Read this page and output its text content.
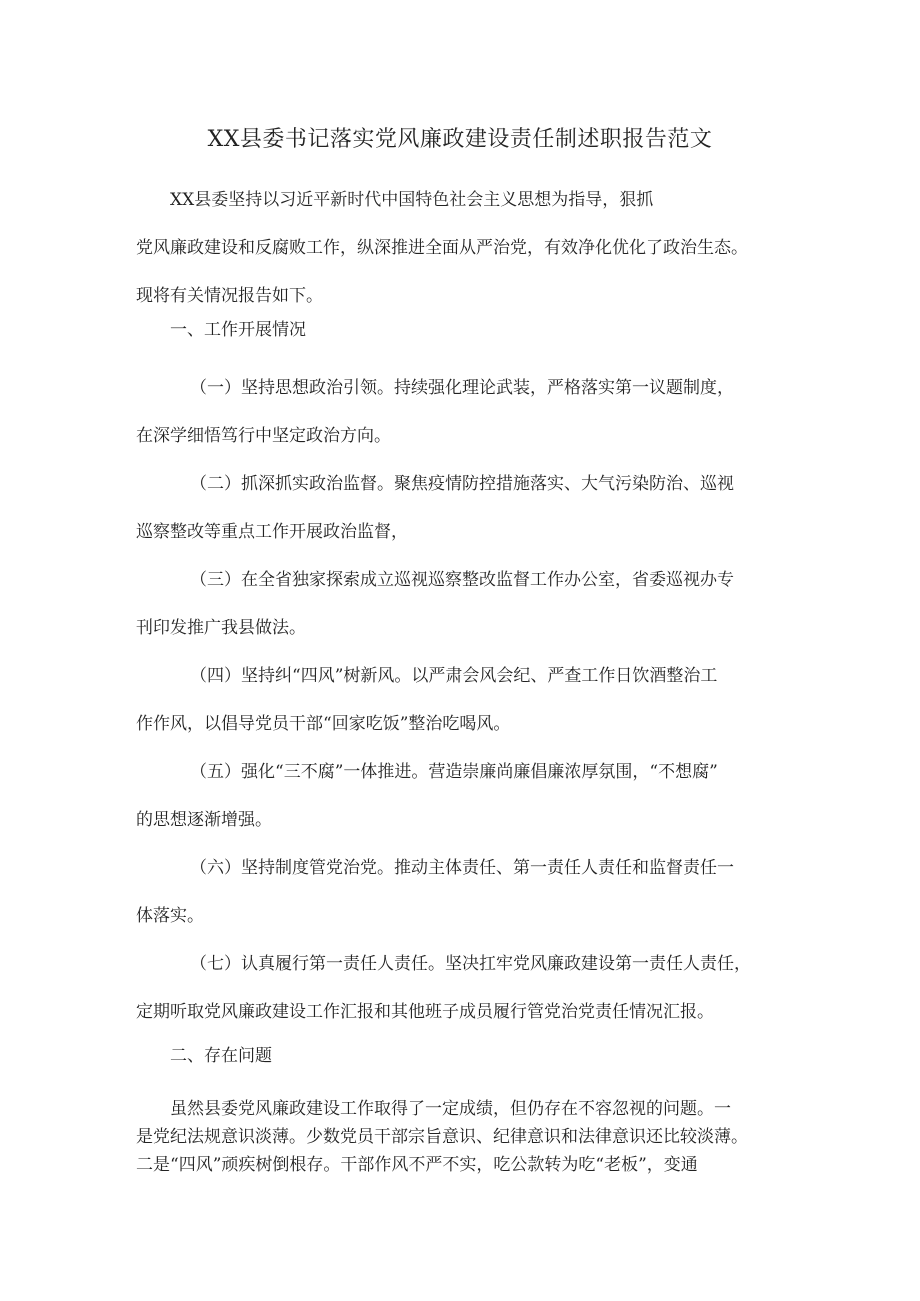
XX县委书记落实党风廉政建设责任制述职报告范文
XX县委坚持以习近平新时代中国特色社会主义思想为指导，狠抓
党风廉政建设和反腐败工作，纵深推进全面从严治党，有效净化优化了政治生态。
现将有关情况报告如下。
一、工作开展情况
（一）坚持思想政治引领。持续强化理论武装，严格落实第一议题制度，
在深学细悟笃行中坚定政治方向。
（二）抓深抓实政治监督。聚焦疫情防控措施落实、大气污染防治、巡视
巡察整改等重点工作开展政治监督，
（三）在全省独家探索成立巡视巡察整改监督工作办公室，省委巡视办专
刊印发推广我县做法。
（四）坚持纠“四风”树新风。以严肃会风会纪、严查工作日饮酒整治工
作作风，以倡导党员干部“回家吃饭”整治吃喝风。
（五）强化“三不腐”一体推进。营造崇廉尚廉倡廉浓厚氛围，“不想腐”
的思想逐渐增强。
（六）坚持制度管党治党。推动主体责任、第一责任人责任和监督责任一
体落实。
（七）认真履行第一责任人责任。坚决扛牢党风廉政建设第一责任人责任，
定期听取党风廉政建设工作汇报和其他班子成员履行管党治党责任情况汇报。
二、存在问题
虽然县委党风廉政建设工作取得了一定成绩，但仍存在不容忽视的问题。一
是党纪法规意识淡薄。少数党员干部宗旨意识、纪律意识和法律意识还比较淡薄。
二是“四风”顽疾树倒根存。干部作风不严不实，吃公款转为吃“老板”，变通
